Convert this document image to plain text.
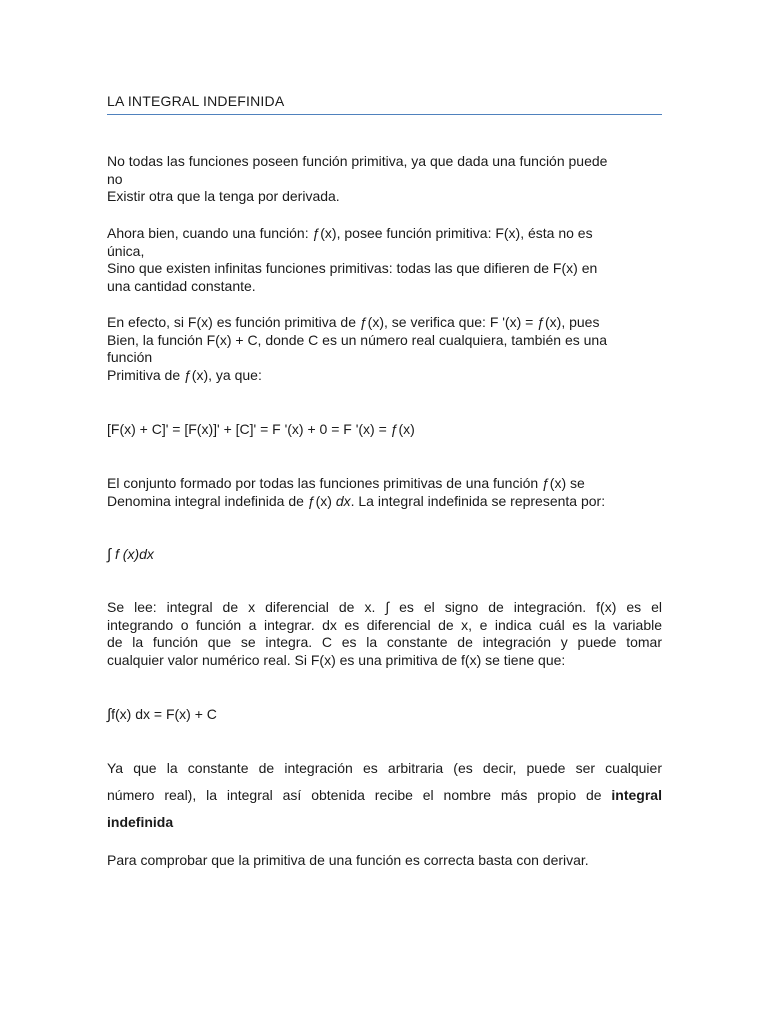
LA INTEGRAL INDEFINIDA
No todas las funciones poseen función primitiva, ya que dada una función puede
no
Existir otra que la tenga por derivada.
Ahora bien, cuando una función: ƒ(x), posee función primitiva: F(x), ésta no es
única,
Sino que existen infinitas funciones primitivas: todas las que difieren de F(x) en
una cantidad constante.
En efecto, si F(x) es función primitiva de ƒ(x), se verifica que: F '(x) = ƒ(x), pues
Bien, la función F(x) + C, donde C es un número real cualquiera, también es una
función
Primitiva de ƒ(x), ya que:
[F(x) + C]' = [F(x)]' + [C]' = F '(x) + 0 = F '(x) = ƒ(x)
El conjunto formado por todas las funciones primitivas de una función ƒ(x) se
Denomina integral indefinida de ƒ(x) dx. La integral indefinida se representa por:
∫ f (x)dx
Se lee: integral de x diferencial de x. ∫ es el signo de integración. f(x) es el
integrando o función a integrar. dx es diferencial de x, e indica cuál es la variable
de la función que se integra. C es la constante de integración y puede tomar
cualquier valor numérico real. Si F(x) es una primitiva de f(x) se tiene que:
∫f(x) dx = F(x) + C
Ya que la constante de integración es arbitraria (es decir, puede ser cualquier
número real), la integral así obtenida recibe el nombre más propio de integral
indefinida
Para comprobar que la primitiva de una función es correcta basta con derivar.
